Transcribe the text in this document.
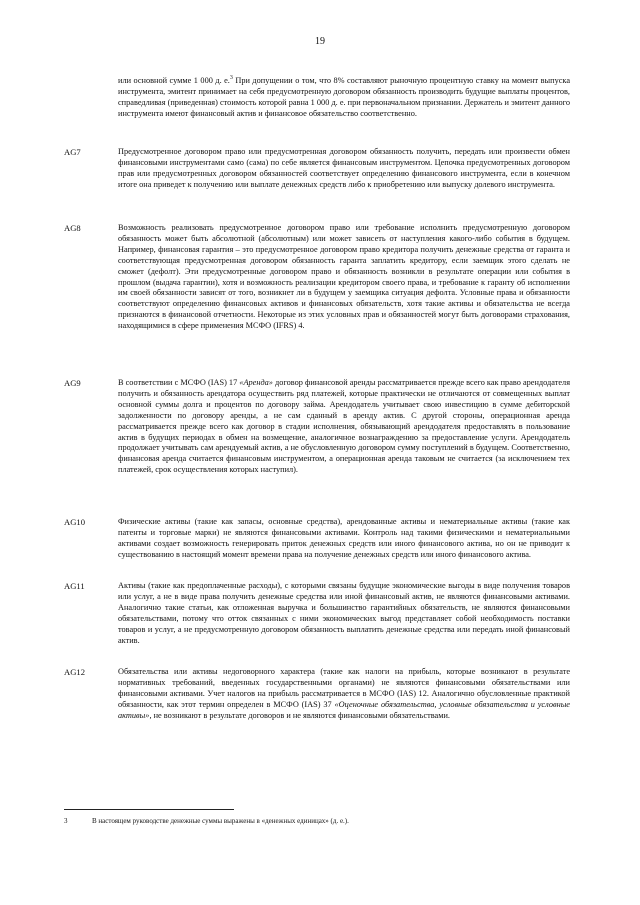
19

или основной сумме 1 000 д. е.$^3$ При допущении о том, что 8% составляют рыночную процентную ставку на момент выпуска инструмента, эмитент принимает на себя предусмотренную договором обязанность производить будущие выплаты процентов, справедливая (приведенная) стоимость которой равна 1 000 д. е. при первоначальном признании. Держатель и эмитент данного инструмента имеют финансовый актив и финансовое обязательство соответственно.

AG7	Предусмотренное договором право или предусмотренная договором обязанность получить, передать или произвести обмен финансовыми инструментами само (сама) по себе является финансовым инструментом. Цепочка предусмотренных договором прав или предусмотренных договором обязанностей соответствует определению финансового инструмента, если в конечном итоге она приведет к получению или выплате денежных средств либо к приобретению или выпуску долевого инструмента.

AG8	Возможность реализовать предусмотренное договором право или требование исполнить предусмотренную договором обязанность может быть абсолютной (абсолютным) или может зависеть от наступления какого-либо события в будущем. Например, финансовая гарантия – это предусмотренное договором право кредитора получить денежные средства от гаранта и соответствующая предусмотренная договором обязанность гаранта заплатить кредитору, если заемщик этого сделать не сможет (дефолт). Эти предусмотренные договором право и обязанность возникли в результате операции или события в прошлом (выдача гарантии), хотя и возможность реализации кредитором своего права, и требование к гаранту об исполнении им своей обязанности зависят от того, возникнет ли в будущем у заемщика ситуация дефолта. Условные права и обязанности соответствуют определению финансовых активов и финансовых обязательств, хотя такие активы и обязательства не всегда признаются в финансовой отчетности. Некоторые из этих условных прав и обязанностей могут быть договорами страхования, находящимися в сфере применения МСФО (IFRS) 4.

AG9	В соответствии с МСФО (IAS) 17 «Аренда» договор финансовой аренды рассматривается прежде всего как право арендодателя получить и обязанность арендатора осуществить ряд платежей, которые практически не отличаются от совмещенных выплат основной суммы долга и процентов по договору займа. Арендодатель учитывает свою инвестицию в сумме дебиторской задолженности по договору аренды, а не сам сданный в аренду актив. С другой стороны, операционная аренда рассматривается прежде всего как договор в стадии исполнения, обязывающий арендодателя предоставлять в пользование актив в будущих периодах в обмен на возмещение, аналогичное вознаграждению за предоставление услуги. Арендодатель продолжает учитывать сам арендуемый актив, а не обусловленную договором сумму поступлений в будущем. Соответственно, финансовая аренда считается финансовым инструментом, а операционная аренда таковым не считается (за исключением тех платежей, срок осуществления которых наступил).

AG10	Физические активы (такие как запасы, основные средства), арендованные активы и нематериальные активы (такие как патенты и торговые марки) не являются финансовыми активами. Контроль над такими физическими и нематериальными активами создает возможность генерировать приток денежных средств или иного финансового актива, но он не приводит к существованию в настоящий момент времени права на получение денежных средств или иного финансового актива.

AG11	Активы (такие как предоплаченные расходы), с которыми связаны будущие экономические выгоды в виде получения товаров или услуг, а не в виде права получить денежные средства или иной финансовый актив, не являются финансовыми активами. Аналогично такие статьи, как отложенная выручка и большинство гарантийных обязательств, не являются финансовыми обязательствами, потому что отток связанных с ними экономических выгод представляет собой необходимость поставки товаров и услуг, а не предусмотренную договором обязанность выплатить денежные средства или передать иной финансовый актив.

AG12	Обязательства или активы недоговорного характера (такие как налоги на прибыль, которые возникают в результате нормативных требований, введенных государственными органами) не являются финансовыми обязательствами или финансовыми активами. Учет налогов на прибыль рассматривается в МСФО (IAS) 12. Аналогично обусловленные практикой обязанности, как этот термин определен в МСФО (IAS) 37 «Оценочные обязательства, условные обязательства и условные активы», не возникают в результате договоров и не являются финансовыми обязательствами.

3	В настоящем руководстве денежные суммы выражены в «денежных единицах» (д. е.).
